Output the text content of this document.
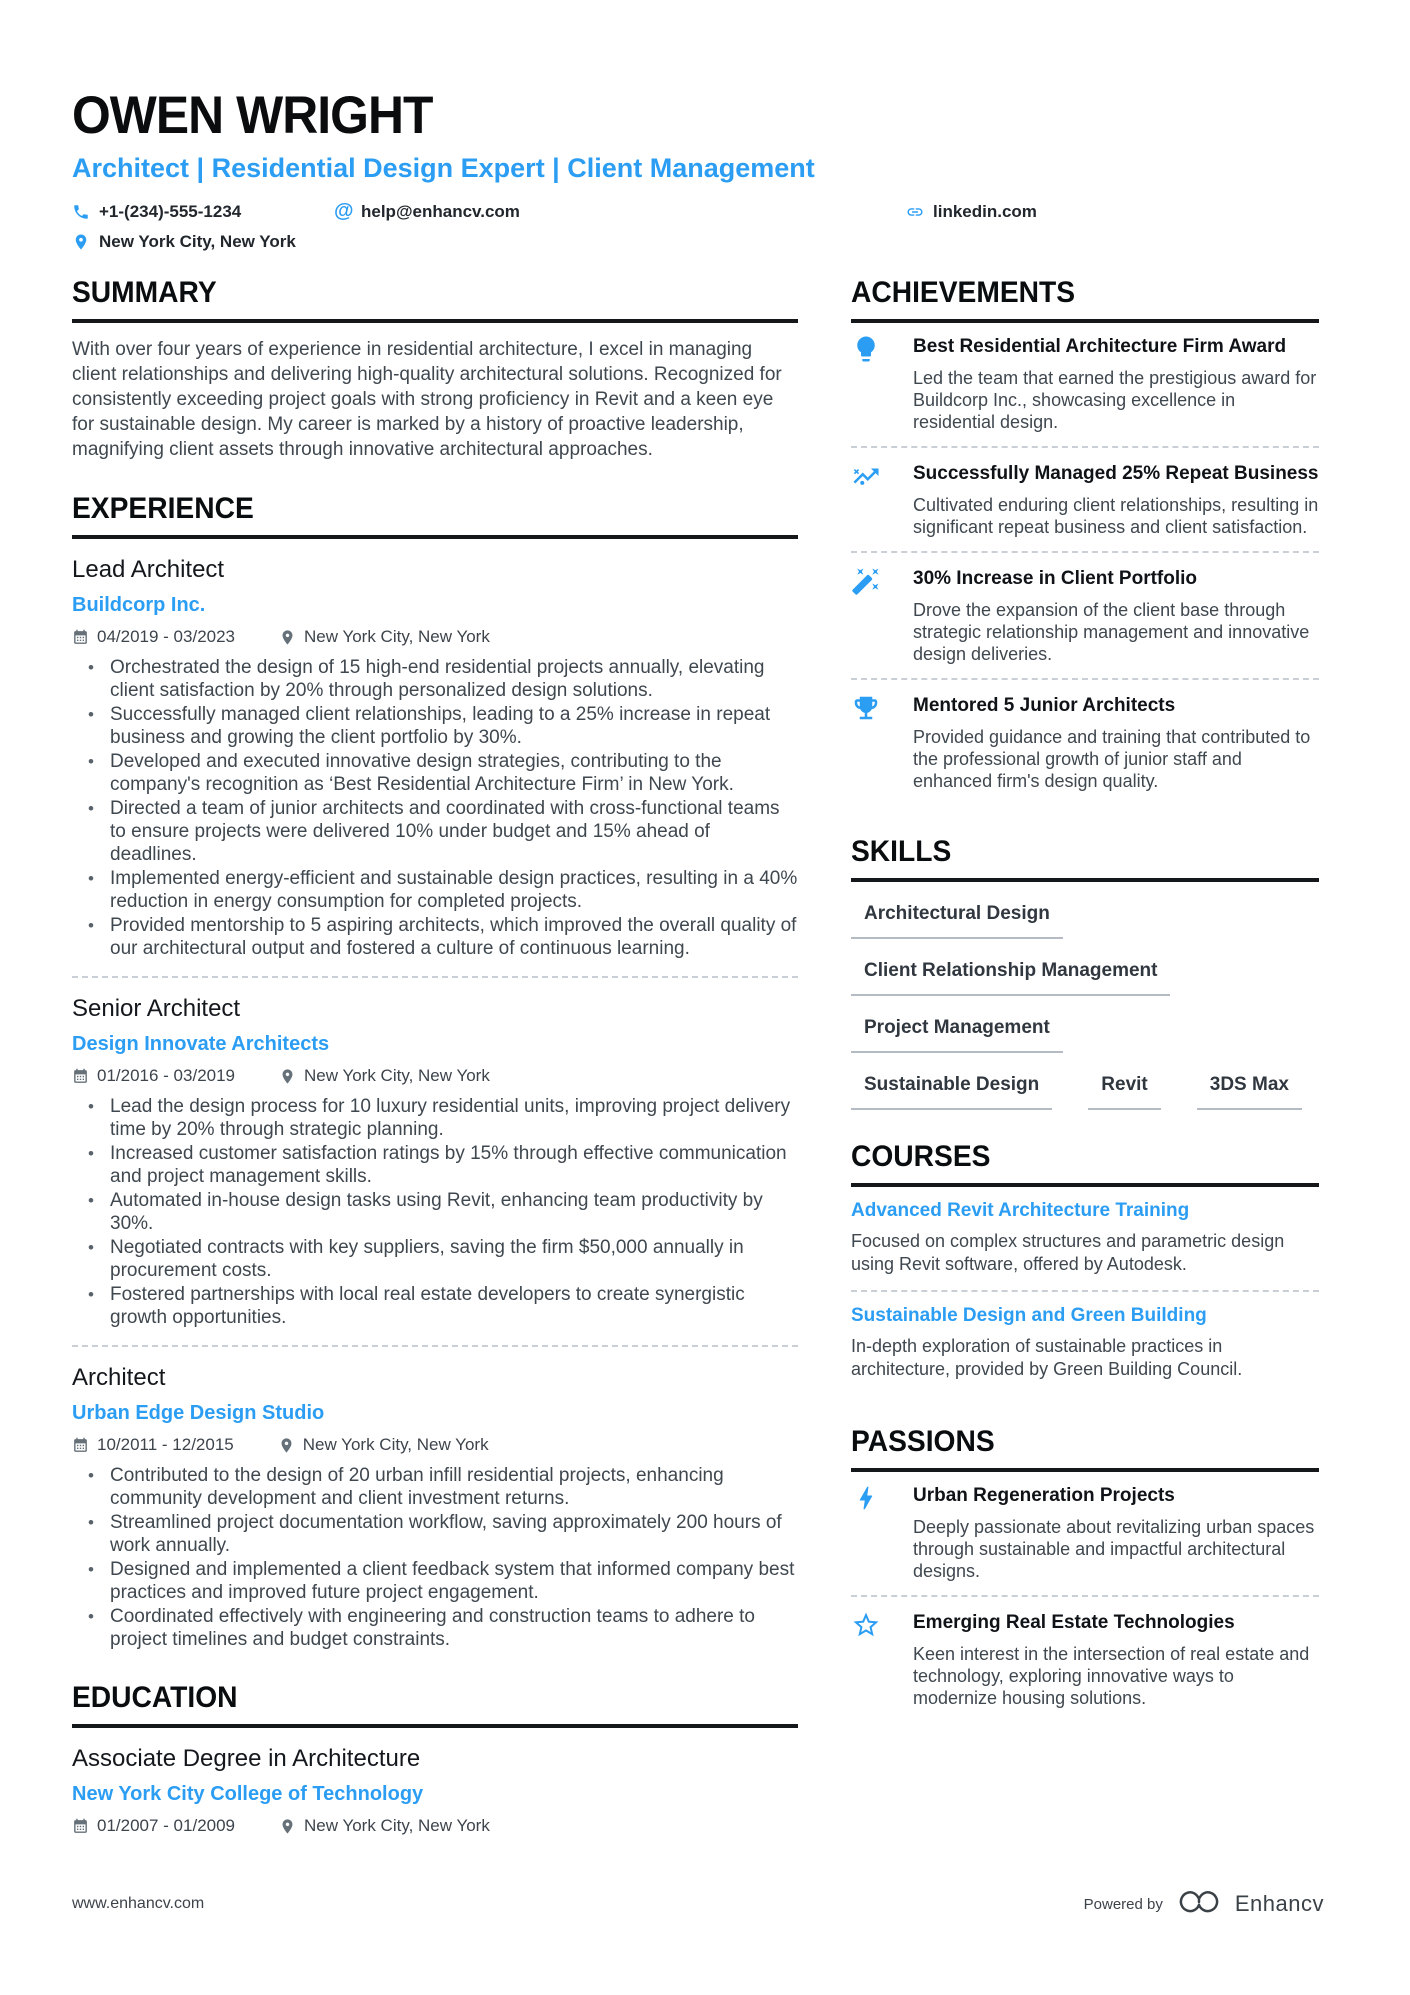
OWEN WRIGHT
Architect | Residential Design Expert | Client Management
+1-(234)-555-1234	@ help@enhancv.com	linkedin.com
New York City, New York
SUMMARY
With over four years of experience in residential architecture, I excel in managing client relationships and delivering high-quality architectural solutions. Recognized for consistently exceeding project goals with strong proficiency in Revit and a keen eye for sustainable design. My career is marked by a history of proactive leadership, magnifying client assets through innovative architectural approaches.
EXPERIENCE
Lead Architect
Buildcorp Inc.
04/2019 - 03/2023	New York City, New York
• Orchestrated the design of 15 high-end residential projects annually, elevating client satisfaction by 20% through personalized design solutions.
• Successfully managed client relationships, leading to a 25% increase in repeat business and growing the client portfolio by 30%.
• Developed and executed innovative design strategies, contributing to the company's recognition as ‘Best Residential Architecture Firm’ in New York.
• Directed a team of junior architects and coordinated with cross-functional teams to ensure projects were delivered 10% under budget and 15% ahead of deadlines.
• Implemented energy-efficient and sustainable design practices, resulting in a 40% reduction in energy consumption for completed projects.
• Provided mentorship to 5 aspiring architects, which improved the overall quality of our architectural output and fostered a culture of continuous learning.
Senior Architect
Design Innovate Architects
01/2016 - 03/2019	New York City, New York
• Lead the design process for 10 luxury residential units, improving project delivery time by 20% through strategic planning.
• Increased customer satisfaction ratings by 15% through effective communication and project management skills.
• Automated in-house design tasks using Revit, enhancing team productivity by 30%.
• Negotiated contracts with key suppliers, saving the firm $50,000 annually in procurement costs.
• Fostered partnerships with local real estate developers to create synergistic growth opportunities.
Architect
Urban Edge Design Studio
10/2011 - 12/2015	New York City, New York
• Contributed to the design of 20 urban infill residential projects, enhancing community development and client investment returns.
• Streamlined project documentation workflow, saving approximately 200 hours of work annually.
• Designed and implemented a client feedback system that informed company best practices and improved future project engagement.
• Coordinated effectively with engineering and construction teams to adhere to project timelines and budget constraints.
EDUCATION
Associate Degree in Architecture
New York City College of Technology
01/2007 - 01/2009	New York City, New York
ACHIEVEMENTS
Best Residential Architecture Firm Award
Led the team that earned the prestigious award for Buildcorp Inc., showcasing excellence in residential design.
Successfully Managed 25% Repeat Business
Cultivated enduring client relationships, resulting in significant repeat business and client satisfaction.
30% Increase in Client Portfolio
Drove the expansion of the client base through strategic relationship management and innovative design deliveries.
Mentored 5 Junior Architects
Provided guidance and training that contributed to the professional growth of junior staff and enhanced firm's design quality.
SKILLS
Architectural Design
Client Relationship Management
Project Management
Sustainable Design	Revit	3DS Max
COURSES
Advanced Revit Architecture Training
Focused on complex structures and parametric design using Revit software, offered by Autodesk.
Sustainable Design and Green Building
In-depth exploration of sustainable practices in architecture, provided by Green Building Council.
PASSIONS
Urban Regeneration Projects
Deeply passionate about revitalizing urban spaces through sustainable and impactful architectural designs.
Emerging Real Estate Technologies
Keen interest in the intersection of real estate and technology, exploring innovative ways to modernize housing solutions.
www.enhancv.com	Powered by	Enhancv
